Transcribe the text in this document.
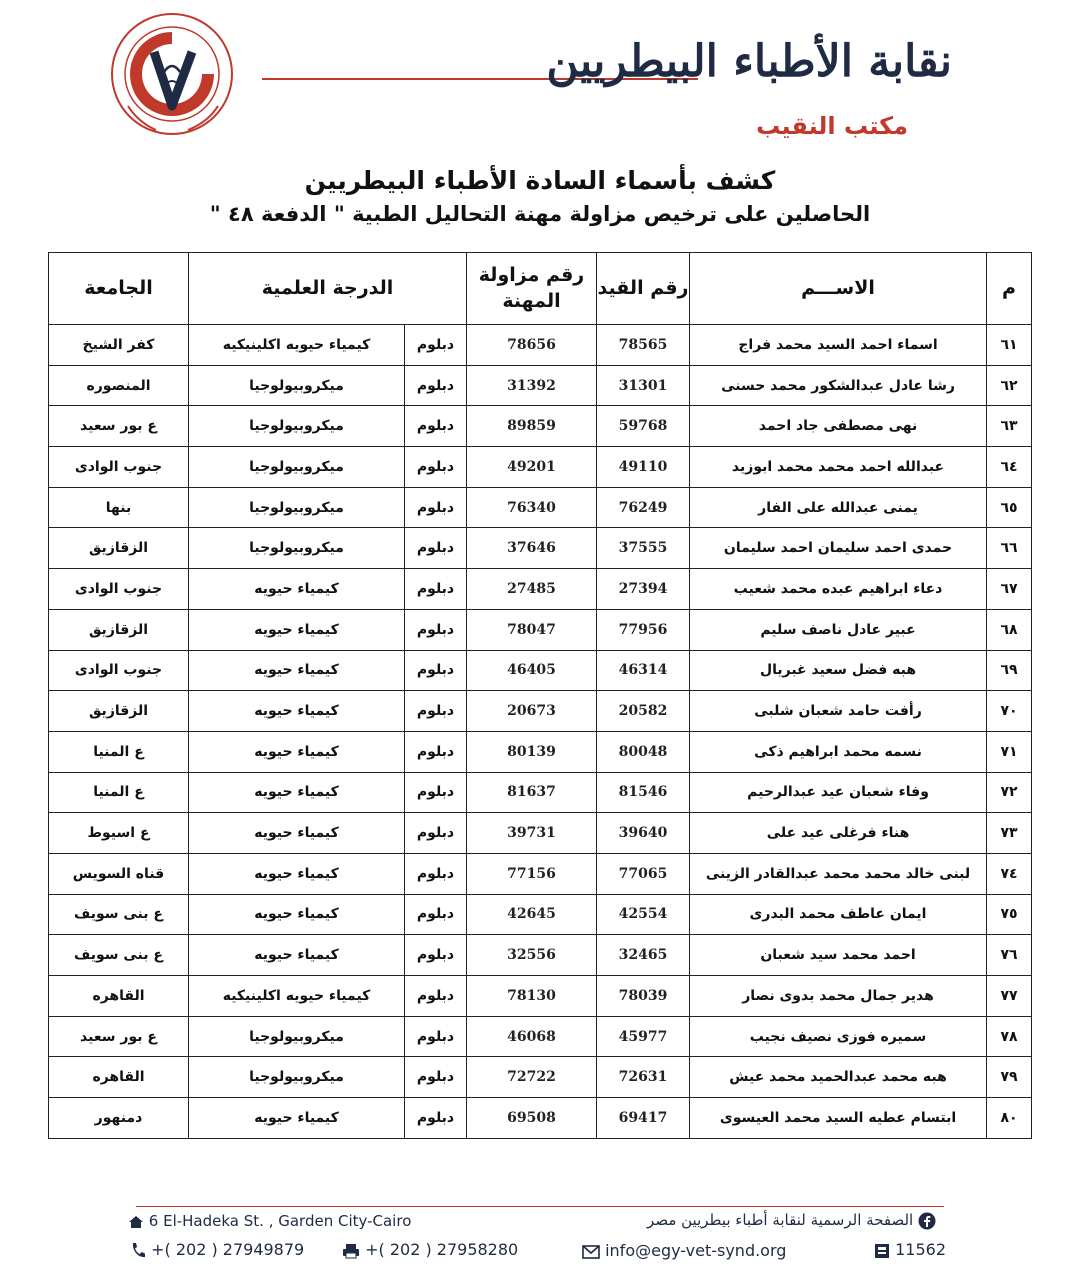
نقابة الأطباء البيطريين
مكتب النقيب
كشف بأسماء السادة الأطباء البيطريين
الحاصلين على ترخيص مزاولة مهنة التحاليل الطبية " الدفعة ٤٨ "
م	الاســـم	رقم القيد	رقم مزاولة المهنة	الدرجة العلمية		الجامعة
٦١	اسماء احمد السيد محمد فراج	78565	78656	دبلوم	كيمياء حيويه اكلينيكيه	كفر الشيخ
٦٢	رشا عادل عبدالشكور محمد حسنى	31301	31392	دبلوم	ميكروبيولوجيا	المنصوره
٦٣	نهى مصطفى جاد احمد	59768	89859	دبلوم	ميكروبيولوجيا	ع بور سعيد
٦٤	عبدالله احمد محمد محمد ابوزيد	49110	49201	دبلوم	ميكروبيولوجيا	جنوب الوادى
٦٥	يمنى عبدالله على الفار	76249	76340	دبلوم	ميكروبيولوجيا	بنها
٦٦	حمدى احمد سليمان احمد سليمان	37555	37646	دبلوم	ميكروبيولوجيا	الزقازيق
٦٧	دعاء ابراهيم عبده محمد شعيب	27394	27485	دبلوم	كيمياء حيويه	جنوب الوادى
٦٨	عبير عادل ناصف سليم	77956	78047	دبلوم	كيمياء حيويه	الزقازيق
٦٩	هبه فضل سعيد غبريال	46314	46405	دبلوم	كيمياء حيويه	جنوب الوادى
٧٠	رأفت حامد شعبان شلبى	20582	20673	دبلوم	كيمياء حيويه	الزقازيق
٧١	نسمه محمد ابراهيم ذكى	80048	80139	دبلوم	كيمياء حيويه	ع المنيا
٧٢	وفاء شعبان عيد عبدالرحيم	81546	81637	دبلوم	كيمياء حيويه	ع المنيا
٧٣	هناء فرغلى عيد على	39640	39731	دبلوم	كيمياء حيويه	ع اسيوط
٧٤	لبنى خالد محمد محمد عبدالقادر الزينى	77065	77156	دبلوم	كيمياء حيويه	قناه السويس
٧٥	ايمان عاطف محمد البدرى	42554	42645	دبلوم	كيمياء حيويه	ع بنى سويف
٧٦	احمد محمد سيد شعبان	32465	32556	دبلوم	كيمياء حيويه	ع بنى سويف
٧٧	هدير جمال محمد بدوى نصار	78039	78130	دبلوم	كيمياء حيويه اكلينيكيه	القاهره
٧٨	سميره فوزى نصيف نجيب	45977	46068	دبلوم	ميكروبيولوجيا	ع بور سعيد
٧٩	هبه محمد عبدالحميد محمد عيش	72631	72722	دبلوم	ميكروبيولوجيا	القاهره
٨٠	ابتسام عطيه السيد محمد العيسوى	69417	69508	دبلوم	كيمياء حيويه	دمنهور
6 El-Hadeka St. , Garden City-Cairo	الصفحة الرسمية لنقابة أطباء بيطريين مصر
+( 202 ) 27949879	+( 202 ) 27958280	info@egy-vet-synd.org	11562
